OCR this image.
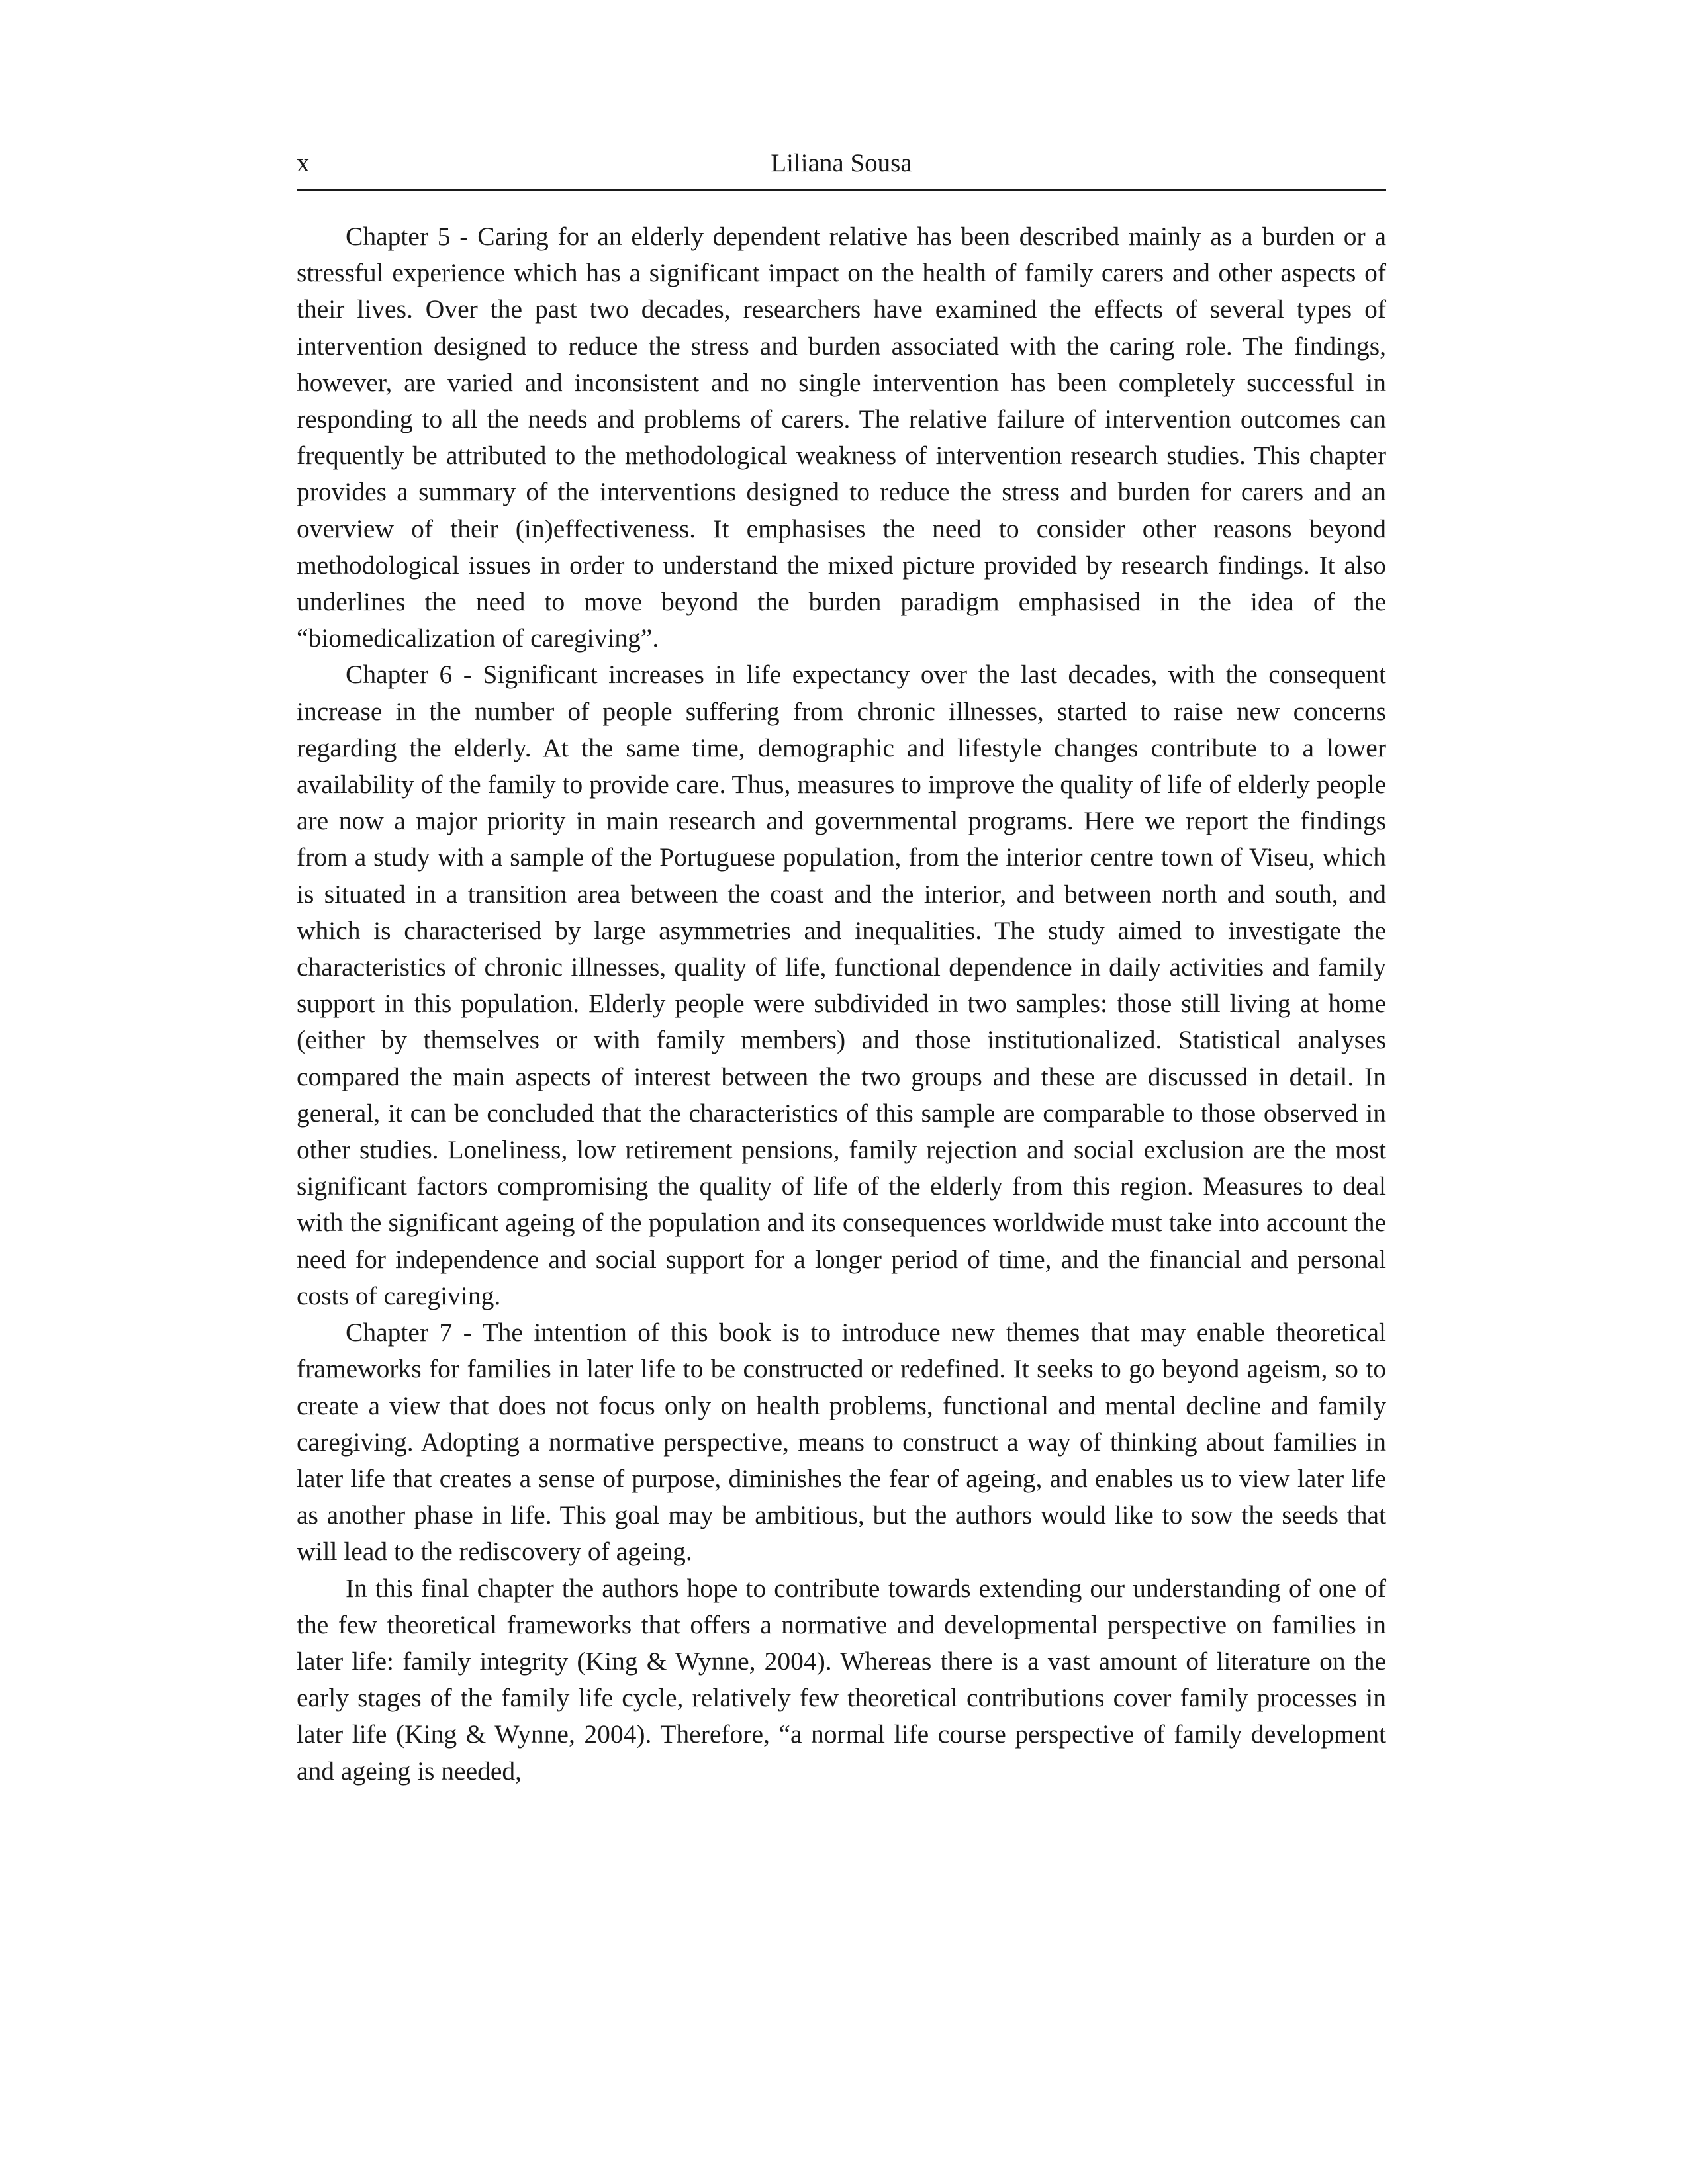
x	Liliana Sousa

Chapter 5 - Caring for an elderly dependent relative has been described mainly as a burden or a stressful experience which has a significant impact on the health of family carers and other aspects of their lives. Over the past two decades, researchers have examined the effects of several types of intervention designed to reduce the stress and burden associated with the caring role. The findings, however, are varied and inconsistent and no single intervention has been completely successful in responding to all the needs and problems of carers. The relative failure of intervention outcomes can frequently be attributed to the methodological weakness of intervention research studies. This chapter provides a summary of the interventions designed to reduce the stress and burden for carers and an overview of their (in)effectiveness. It emphasises the need to consider other reasons beyond methodological issues in order to understand the mixed picture provided by research findings. It also underlines the need to move beyond the burden paradigm emphasised in the idea of the “biomedicalization of caregiving”.

Chapter 6 - Significant increases in life expectancy over the last decades, with the consequent increase in the number of people suffering from chronic illnesses, started to raise new concerns regarding the elderly. At the same time, demographic and lifestyle changes contribute to a lower availability of the family to provide care. Thus, measures to improve the quality of life of elderly people are now a major priority in main research and governmental programs. Here we report the findings from a study with a sample of the Portuguese population, from the interior centre town of Viseu, which is situated in a transition area between the coast and the interior, and between north and south, and which is characterised by large asymmetries and inequalities. The study aimed to investigate the characteristics of chronic illnesses, quality of life, functional dependence in daily activities and family support in this population. Elderly people were subdivided in two samples: those still living at home (either by themselves or with family members) and those institutionalized. Statistical analyses compared the main aspects of interest between the two groups and these are discussed in detail. In general, it can be concluded that the characteristics of this sample are comparable to those observed in other studies. Loneliness, low retirement pensions, family rejection and social exclusion are the most significant factors compromising the quality of life of the elderly from this region. Measures to deal with the significant ageing of the population and its consequences worldwide must take into account the need for independence and social support for a longer period of time, and the financial and personal costs of caregiving.

Chapter 7 - The intention of this book is to introduce new themes that may enable theoretical frameworks for families in later life to be constructed or redefined. It seeks to go beyond ageism, so to create a view that does not focus only on health problems, functional and mental decline and family caregiving. Adopting a normative perspective, means to construct a way of thinking about families in later life that creates a sense of purpose, diminishes the fear of ageing, and enables us to view later life as another phase in life. This goal may be ambitious, but the authors would like to sow the seeds that will lead to the rediscovery of ageing.

In this final chapter the authors hope to contribute towards extending our understanding of one of the few theoretical frameworks that offers a normative and developmental perspective on families in later life: family integrity (King & Wynne, 2004). Whereas there is a vast amount of literature on the early stages of the family life cycle, relatively few theoretical contributions cover family processes in later life (King & Wynne, 2004). Therefore, “a normal life course perspective of family development and ageing is needed,
